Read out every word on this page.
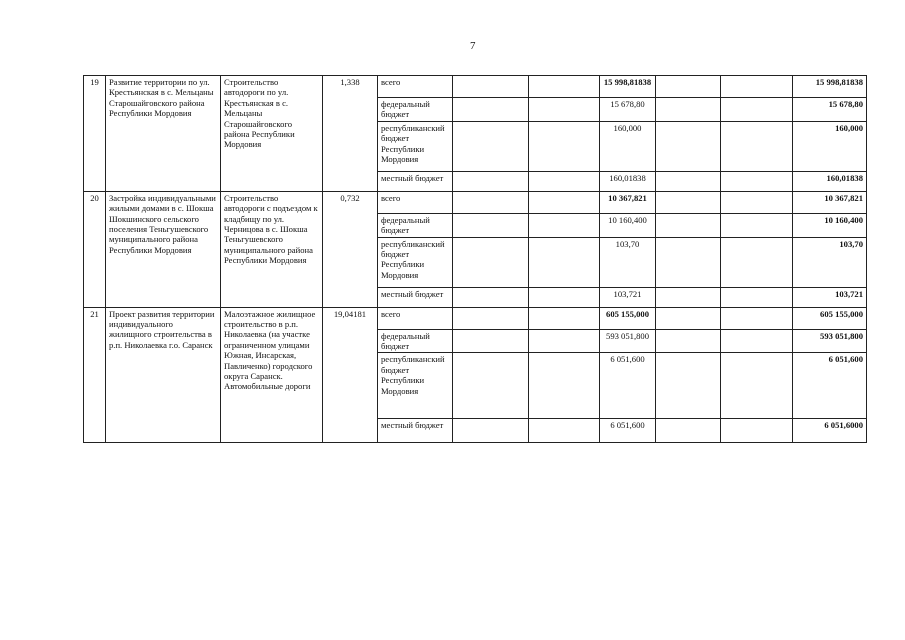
7
19	Развитие территории по ул. Крестьянская в с. Мельцаны Старошайговского района Республики Мордовия	Строительство автодороги по ул. Крестьянская в с. Мельцаны Старошайговского района Республики Мордовия	1,338	всего			15 998,81838			15 998,81838
				федеральный бюджет			15 678,80			15 678,80
				республиканский бюджет Республики Мордовия			160,000			160,000
				местный бюджет			160,01838			160,01838
20	Застройка индивидуальными жилыми домами в с. Шокша Шокшинского сельского поселения Теньгушевского муниципального района Республики Мордовия	Строительство автодороги с подъездом к кладбищу по ул. Черницова в с. Шокша Теньгушевского муниципального района Республики Мордовия	0,732	всего			10 367,821			10 367,821
				федеральный бюджет			10 160,400			10 160,400
				республиканский бюджет Республики Мордовия			103,70			103,70
				местный бюджет			103,721			103,721
21	Проект развития территории индивидуального жилищного строительства в р.п. Николаевка г.о. Саранск	Малоэтажное жилищное строительство в р.п. Николаевка (на участке ограниченном улицами Южная, Инсарская, Павличенко) городского округа Саранск. Автомобильные дороги	19,04181	всего			605 155,000			605 155,000
				федеральный бюджет			593 051,800			593 051,800
				республиканский бюджет Республики Мордовия			6 051,600			6 051,600
				местный бюджет			6 051,600			6 051,6000
